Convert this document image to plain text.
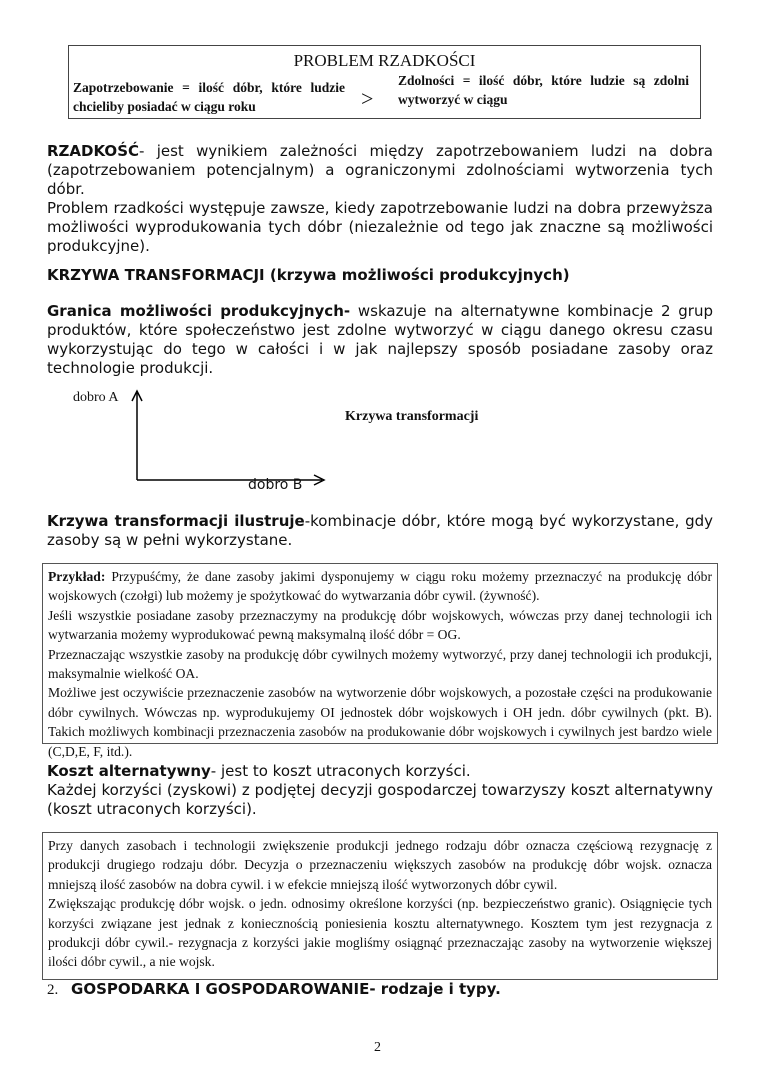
PROBLEM RZADKOŚCI
Zapotrzebowanie = ilość dóbr, które ludzie chcieliby posiadać w ciągu roku	>
Zdolności = ilość dóbr, które ludzie są zdolni wytworzyć w ciągu
RZADKOŚĆ- jest wynikiem zależności między zapotrzebowaniem ludzi na dobra (zapotrzebowaniem potencjalnym) a ograniczonymi zdolnościami wytworzenia tych dóbr.
Problem rzadkości występuje zawsze, kiedy zapotrzebowanie ludzi na dobra przewyższa możliwości wyprodukowania tych dóbr (niezależnie od tego jak znaczne są możliwości produkcyjne).
KRZYWA TRANSFORMACJI (krzywa możliwości produkcyjnych)
Granica możliwości produkcyjnych- wskazuje na alternatywne kombinacje 2 grup produktów, które społeczeństwo jest zdolne wytworzyć w ciągu danego okresu czasu wykorzystując do tego w całości i w jak najlepszy sposób posiadane zasoby oraz technologie produkcji.
dobro A
dobro B
Krzywa transformacji
Krzywa transformacji ilustruje-kombinacje dóbr, które mogą być wykorzystane, gdy zasoby są w pełni wykorzystane.

Przykład: Przypuśćmy, że dane zasoby jakimi dysponujemy w ciągu roku możemy przeznaczyć na produkcję dóbr wojskowych (czołgi) lub możemy je spożytkować do wytwarzania dóbr cywil. (żywność).

Jeśli wszystkie posiadane zasoby przeznaczymy na produkcję dóbr wojskowych, wówczas przy danej technologii ich wytwarzania możemy wyprodukować pewną maksymalną ilość dóbr = OG.

Przeznaczając wszystkie zasoby na produkcję dóbr cywilnych możemy wytworzyć, przy danej technologii ich produkcji, maksymalnie wielkość OA.

Możliwe jest oczywiście przeznaczenie zasobów na wytworzenie dóbr wojskowych, a pozostałe części na produkowanie dóbr cywilnych. Wówczas np. wyprodukujemy OI jednostek dóbr wojskowych i OH jedn. dóbr cywilnych (pkt. B). Takich możliwych kombinacji przeznaczenia zasobów na produkowanie dóbr wojskowych i cywilnych jest bardzo wiele (C,D,E, F, itd.).

Koszt alternatywny- jest to koszt utraconych korzyści.
Każdej korzyści (zyskowi) z podjętej decyzji gospodarczej towarzyszy koszt alternatywny (koszt utraconych korzyści).

Przy danych zasobach i technologii zwiększenie produkcji jednego rodzaju dóbr oznacza częściową rezygnację z produkcji drugiego rodzaju dóbr. Decyzja o przeznaczeniu większych zasobów na produkcję dóbr wojsk. oznacza mniejszą ilość zasobów na dobra cywil. i w efekcie mniejszą ilość wytworzonych dóbr cywil.

Zwiększając produkcję dóbr wojsk. o jedn. odnosimy określone korzyści (np. bezpieczeństwo granic). Osiągnięcie tych korzyści związane jest jednak z koniecznością poniesienia kosztu alternatywnego. Kosztem tym jest rezygnacja z produkcji dóbr cywil.- rezygnacja z korzyści jakie mogliśmy osiągnąć przeznaczając zasoby na wytworzenie większej ilości dóbr cywil., a nie wojsk.

2. GOSPODARKA I GOSPODAROWANIE- rodzaje i typy.
2
